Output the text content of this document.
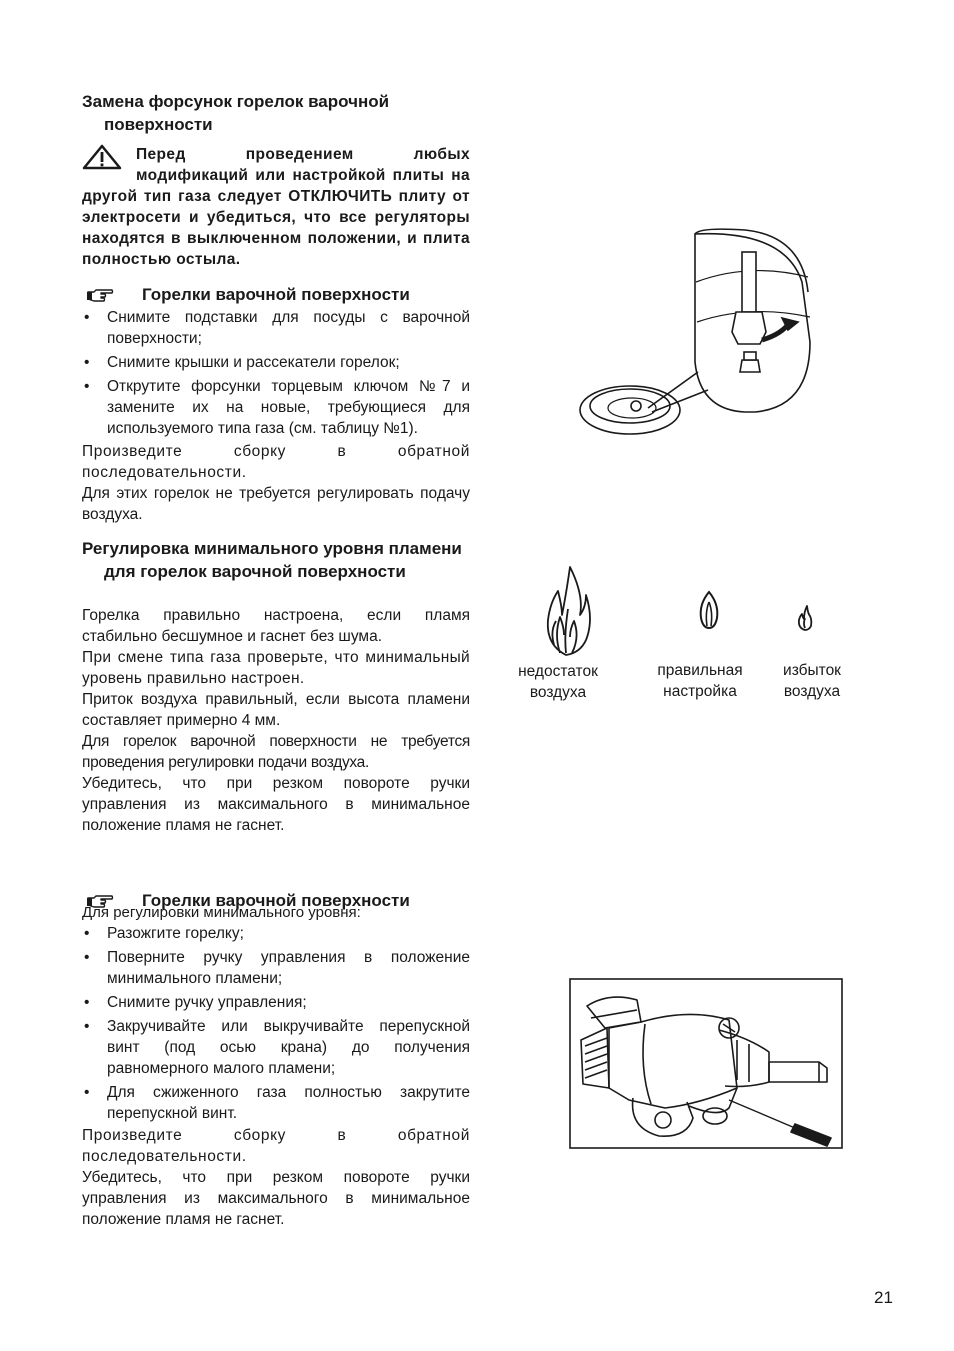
Замена форсунок горелок варочной поверхности

Перед проведением любых модификаций или настройкой плиты на другой тип газа следует ОТКЛЮЧИТЬ плиту от электросети и убедиться, что все регуляторы находятся в выключенном положении, и плита полностью остыла.

Горелки варочной поверхности
• Снимите подставки для посуды с варочной поверхности;
• Снимите крышки и рассекатели горелок;
• Открутите форсунки торцевым ключом №7 и замените их на новые, требующиеся для используемого типа газа (см. таблицу №1).

Произведите сборку в обратной последовательности.

Для этих горелок не требуется регулировать подачу воздуха.

Регулировка минимального уровня пламени для горелок варочной поверхности

Горелка правильно настроена, если пламя стабильно бесшумное и гаснет без шума.

При смене типа газа проверьте, что минимальный уровень правильно настроен.

Приток воздуха правильный, если высота пламени составляет примерно 4 мм.

Для горелок варочной поверхности не требуется проведения регулировки подачи воздуха.

Убедитесь, что при резком повороте ручки управления из максимального в минимальное положение пламя не гаснет.

Горелки варочной поверхности

Для регулировки минимального уровня:

• Разожгите горелку;
• Поверните ручку управления в положение минимального пламени;
• Снимите ручку управления;
• Закручивайте или выкручивайте перепускной винт (под осью крана) до получения равномерного малого пламени;
• Для сжиженного газа полностью закрутите перепускной винт.

Произведите сборку в обратной последовательности.

Убедитесь, что при резком повороте ручки управления из максимального в минимальное положение пламя не гаснет.

недостаток воздуха
правильная настройка
избыток воздуха
21
